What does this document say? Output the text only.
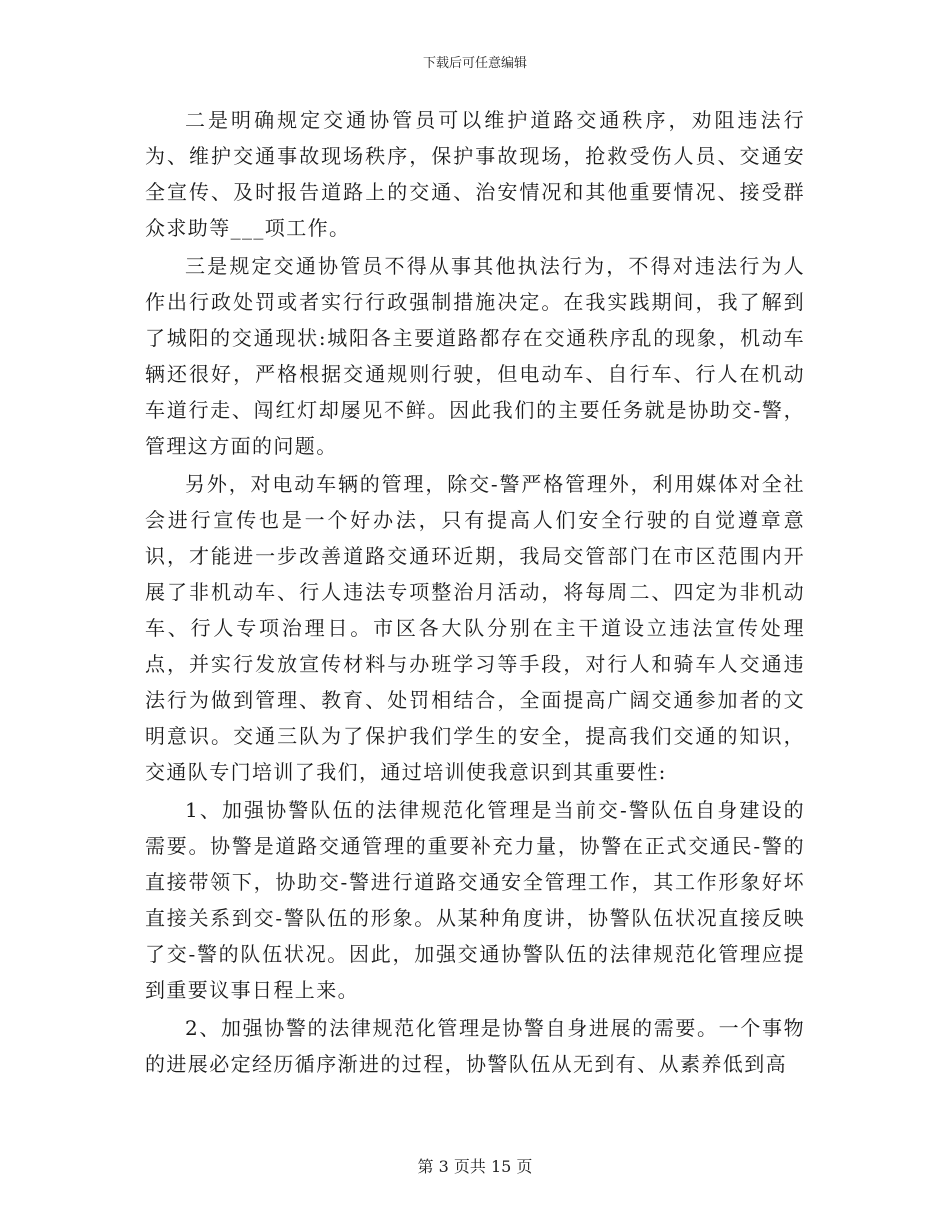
下载后可任意编辑

二是明确规定交通协管员可以维护道路交通秩序，劝阻违法行为、维护交通事故现场秩序，保护事故现场，抢救受伤人员、交通安全宣传、及时报告道路上的交通、治安情况和其他重要情况、接受群众求助等___项工作。

三是规定交通协管员不得从事其他执法行为，不得对违法行为人作出行政处罚或者实行行政强制措施决定。在我实践期间，我了解到了城阳的交通现状:城阳各主要道路都存在交通秩序乱的现象，机动车辆还很好，严格根据交通规则行驶，但电动车、自行车、行人在机动车道行走、闯红灯却屡见不鲜。因此我们的主要任务就是协助交-警，管理这方面的问题。

另外，对电动车辆的管理，除交-警严格管理外，利用媒体对全社会进行宣传也是一个好办法，只有提高人们安全行驶的自觉遵章意识，才能进一步改善道路交通环近期，我局交管部门在市区范围内开展了非机动车、行人违法专项整治月活动，将每周二、四定为非机动车、行人专项治理日。市区各大队分别在主干道设立违法宣传处理点，并实行发放宣传材料与办班学习等手段，对行人和骑车人交通违法行为做到管理、教育、处罚相结合，全面提高广阔交通参加者的文明意识。交通三队为了保护我们学生的安全，提高我们交通的知识，交通队专门培训了我们，通过培训使我意识到其重要性:

1、加强协警队伍的法律规范化管理是当前交-警队伍自身建设的需要。协警是道路交通管理的重要补充力量，协警在正式交通民-警的直接带领下，协助交-警进行道路交通安全管理工作，其工作形象好坏直接关系到交-警队伍的形象。从某种角度讲，协警队伍状况直接反映了交-警的队伍状况。因此，加强交通协警队伍的法律规范化管理应提到重要议事日程上来。

2、加强协警的法律规范化管理是协警自身进展的需要。一个事物的进展必定经历循序渐进的过程，协警队伍从无到有、从素养低到高

第 3 页共 15 页
